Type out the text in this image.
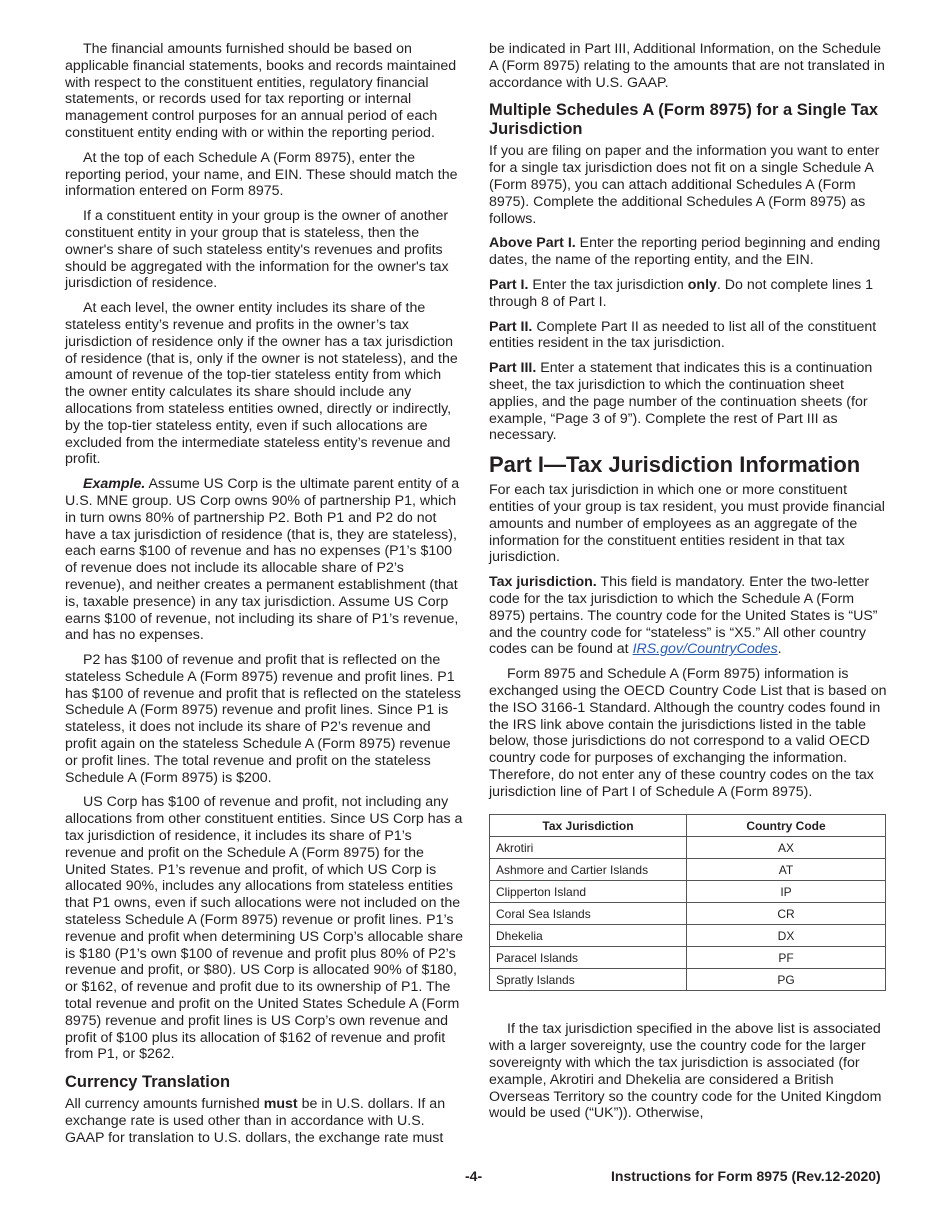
The financial amounts furnished should be based on applicable financial statements, books and records maintained with respect to the constituent entities, regulatory financial statements, or records used for tax reporting or internal management control purposes for an annual period of each constituent entity ending with or within the reporting period.

At the top of each Schedule A (Form 8975), enter the reporting period, your name, and EIN. These should match the information entered on Form 8975.

If a constituent entity in your group is the owner of another constituent entity in your group that is stateless, then the owner's share of such stateless entity's revenues and profits should be aggregated with the information for the owner's tax jurisdiction of residence.

At each level, the owner entity includes its share of the stateless entity’s revenue and profits in the owner’s tax jurisdiction of residence only if the owner has a tax jurisdiction of residence (that is, only if the owner is not stateless), and the amount of revenue of the top-tier stateless entity from which the owner entity calculates its share should include any allocations from stateless entities owned, directly or indirectly, by the top-tier stateless entity, even if such allocations are excluded from the intermediate stateless entity’s revenue and profit.

Example. Assume US Corp is the ultimate parent entity of a U.S. MNE group. US Corp owns 90% of partnership P1, which in turn owns 80% of partnership P2. Both P1 and P2 do not have a tax jurisdiction of residence (that is, they are stateless), each earns $100 of revenue and has no expenses (P1’s $100 of revenue does not include its allocable share of P2’s revenue), and neither creates a permanent establishment (that is, taxable presence) in any tax jurisdiction. Assume US Corp earns $100 of revenue, not including its share of P1’s revenue, and has no expenses.

P2 has $100 of revenue and profit that is reflected on the stateless Schedule A (Form 8975) revenue and profit lines. P1 has $100 of revenue and profit that is reflected on the stateless Schedule A (Form 8975) revenue and profit lines. Since P1 is stateless, it does not include its share of P2’s revenue and profit again on the stateless Schedule A (Form 8975) revenue or profit lines. The total revenue and profit on the stateless Schedule A (Form 8975) is $200.

US Corp has $100 of revenue and profit, not including any allocations from other constituent entities. Since US Corp has a tax jurisdiction of residence, it includes its share of P1’s revenue and profit on the Schedule A (Form 8975) for the United States. P1’s revenue and profit, of which US Corp is allocated 90%, includes any allocations from stateless entities that P1 owns, even if such allocations were not included on the stateless Schedule A (Form 8975) revenue or profit lines. P1’s revenue and profit when determining US Corp’s allocable share is $180 (P1’s own $100 of revenue and profit plus 80% of P2’s revenue and profit, or $80). US Corp is allocated 90% of $180, or $162, of revenue and profit due to its ownership of P1. The total revenue and profit on the United States Schedule A (Form 8975) revenue and profit lines is US Corp’s own revenue and profit of $100 plus its allocation of $162 of revenue and profit from P1, or $262.

Currency Translation

All currency amounts furnished must be in U.S. dollars. If an exchange rate is used other than in accordance with U.S. GAAP for translation to U.S. dollars, the exchange rate must

be indicated in Part III, Additional Information, on the Schedule A (Form 8975) relating to the amounts that are not translated in accordance with U.S. GAAP.

Multiple Schedules A (Form 8975) for a Single Tax Jurisdiction

If you are filing on paper and the information you want to enter for a single tax jurisdiction does not fit on a single Schedule A (Form 8975), you can attach additional Schedules A (Form 8975). Complete the additional Schedules A (Form 8975) as follows.

Above Part I. Enter the reporting period beginning and ending dates, the name of the reporting entity, and the EIN.

Part I. Enter the tax jurisdiction only. Do not complete lines 1 through 8 of Part I.

Part II. Complete Part II as needed to list all of the constituent entities resident in the tax jurisdiction.

Part III. Enter a statement that indicates this is a continuation sheet, the tax jurisdiction to which the continuation sheet applies, and the page number of the continuation sheets (for example, “Page 3 of 9”). Complete the rest of Part III as necessary.

Part I—Tax Jurisdiction Information

For each tax jurisdiction in which one or more constituent entities of your group is tax resident, you must provide financial amounts and number of employees as an aggregate of the information for the constituent entities resident in that tax jurisdiction.

Tax jurisdiction. This field is mandatory. Enter the two-letter code for the tax jurisdiction to which the Schedule A (Form 8975) pertains. The country code for the United States is “US” and the country code for “stateless” is “X5.” All other country codes can be found at IRS.gov/CountryCodes.

Form 8975 and Schedule A (Form 8975) information is exchanged using the OECD Country Code List that is based on the ISO 3166-1 Standard. Although the country codes found in the IRS link above contain the jurisdictions listed in the table below, those jurisdictions do not correspond to a valid OECD country code for purposes of exchanging the information. Therefore, do not enter any of these country codes on the tax jurisdiction line of Part I of Schedule A (Form 8975).

Tax Jurisdiction	Country Code
Akrotiri	AX
Ashmore and Cartier Islands	AT
Clipperton Island	IP
Coral Sea Islands	CR
Dhekelia	DX
Paracel Islands	PF
Spratly Islands	PG

If the tax jurisdiction specified in the above list is associated with a larger sovereignty, use the country code for the larger sovereignty with which the tax jurisdiction is associated (for example, Akrotiri and Dhekelia are considered a British Overseas Territory so the country code for the United Kingdom would be used (“UK”)). Otherwise,

-4-	Instructions for Form 8975 (Rev.12-2020)
